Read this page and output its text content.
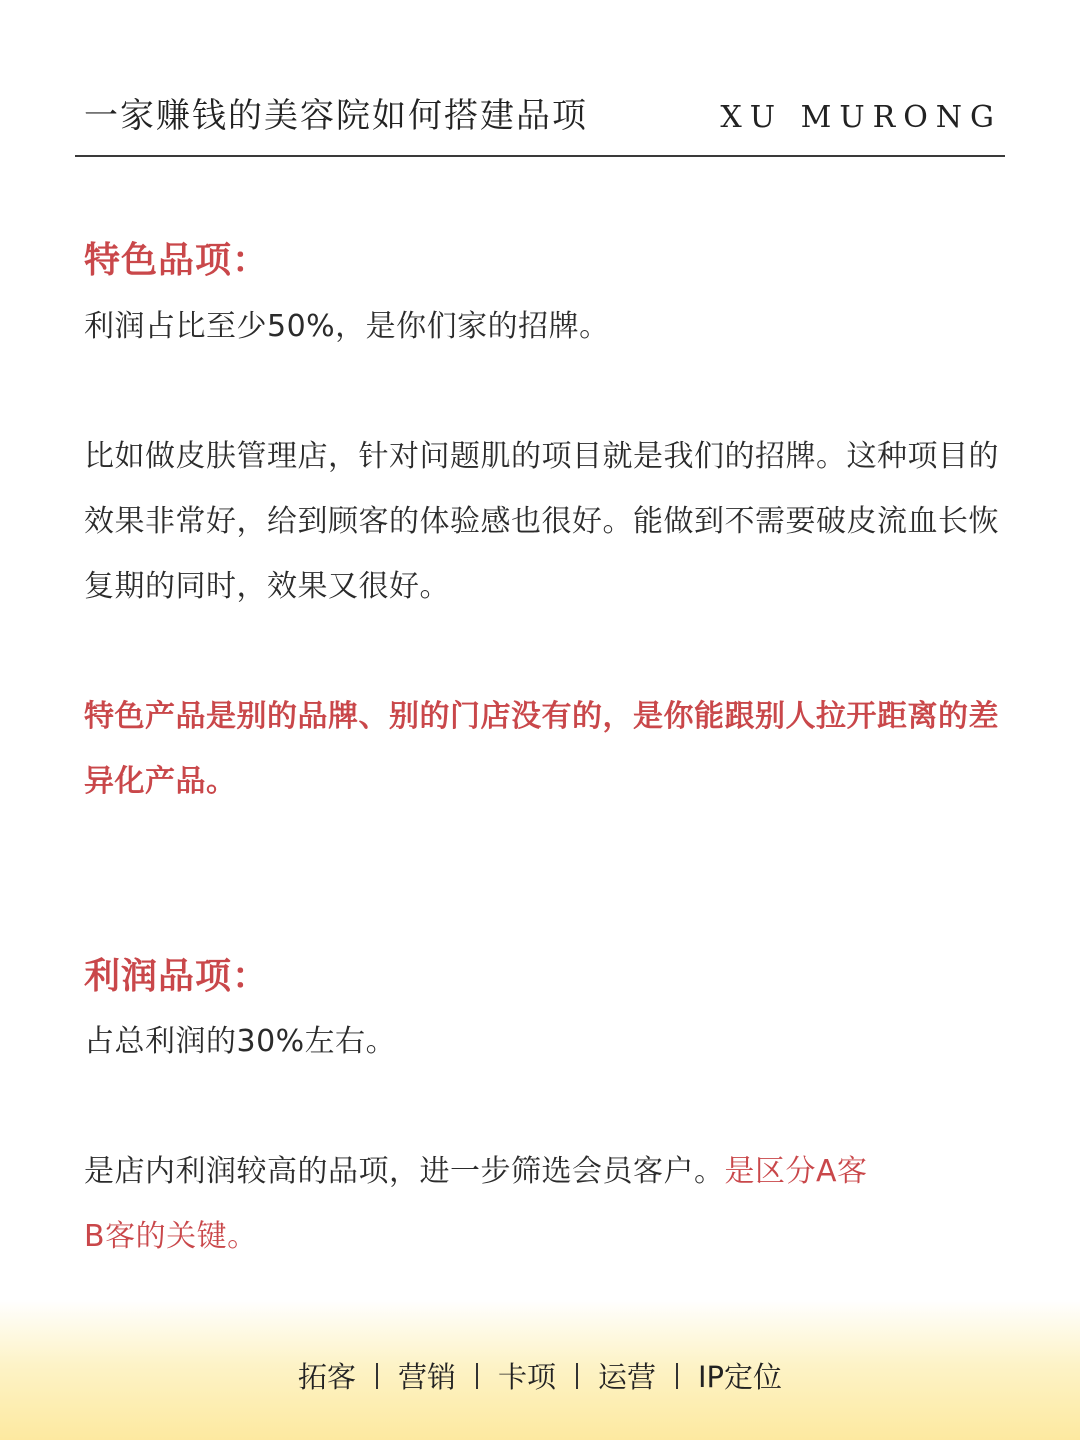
一家赚钱的美容院如何搭建品项	XU MURONG
特色品项：
利润占比至少50%，是你们家的招牌。
比如做皮肤管理店，针对问题肌的项目就是我们的招牌。这种项目的效果非常好，给到顾客的体验感也很好。能做到不需要破皮流血长恢复期的同时，效果又很好。
特色产品是别的品牌、别的门店没有的，是你能跟别人拉开距离的差异化产品。
利润品项：
占总利润的30%左右。
是店内利润较高的品项，进一步筛选会员客户。是区分A客B客的关键。
拓客 营销 卡项 运营 IP定位
